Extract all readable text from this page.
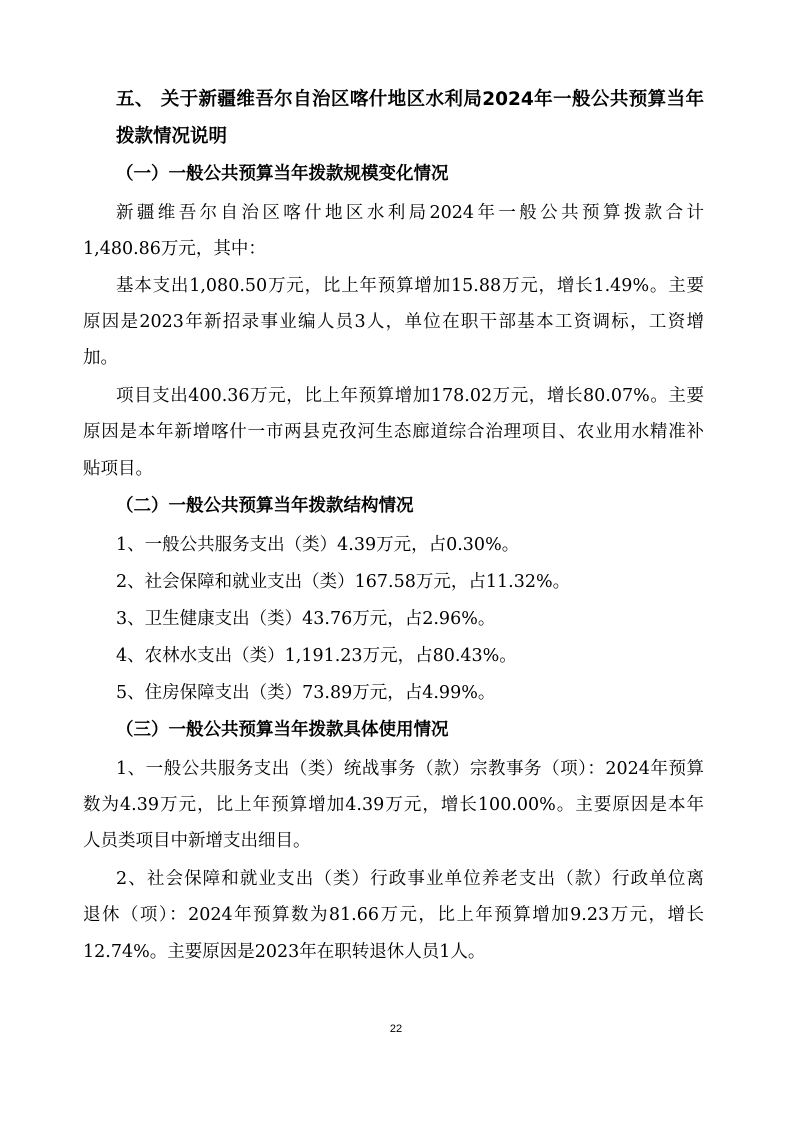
五、 关于新疆维吾尔自治区喀什地区水利局2024年一般公共预算当年
拨款情况说明
（一）一般公共预算当年拨款规模变化情况
新疆维吾尔自治区喀什地区水利局2024年一般公共预算拨款合计
1,480.86万元，其中：
基本支出1,080.50万元，比上年预算增加15.88万元，增长1.49%。主要
原因是2023年新招录事业编人员3人，单位在职干部基本工资调标，工资增
加。
项目支出400.36万元，比上年预算增加178.02万元，增长80.07%。主要
原因是本年新增喀什一市两县克孜河生态廊道综合治理项目、农业用水精准补
贴项目。
（二）一般公共预算当年拨款结构情况
1、一般公共服务支出（类）4.39万元，占0.30%。
2、社会保障和就业支出（类）167.58万元，占11.32%。
3、卫生健康支出（类）43.76万元，占2.96%。
4、农林水支出（类）1,191.23万元，占80.43%。
5、住房保障支出（类）73.89万元，占4.99%。
（三）一般公共预算当年拨款具体使用情况
1、一般公共服务支出（类）统战事务（款）宗教事务（项）：2024年预算
数为4.39万元，比上年预算增加4.39万元，增长100.00%。主要原因是本年
人员类项目中新增支出细目。
2、社会保障和就业支出（类）行政事业单位养老支出（款）行政单位离
退休（项）：2024年预算数为81.66万元，比上年预算增加9.23万元，增长
12.74%。主要原因是2023年在职转退休人员1人。
22
